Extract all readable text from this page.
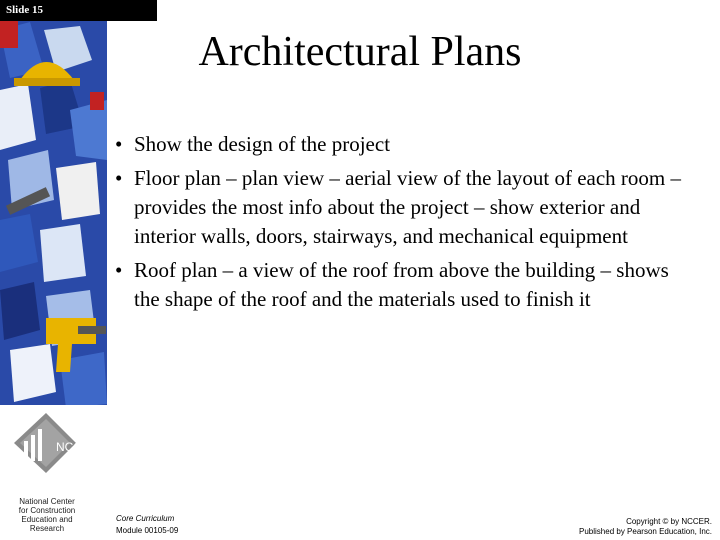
NCCER
National Center
for Construction
Education and
Research
Slide 15
Architectural Plans
• Show the design of the project
• Floor plan – plan view – aerial view of the layout of each room – provides the most info about the project – show exterior and interior walls, doors, stairways, and mechanical equipment
• Roof plan – a view of the roof from above the building – shows the shape of the roof and the materials used to finish it
Core Curriculum
Module 00105-09
Copyright © by NCCER.
Published by Pearson Education, Inc.
